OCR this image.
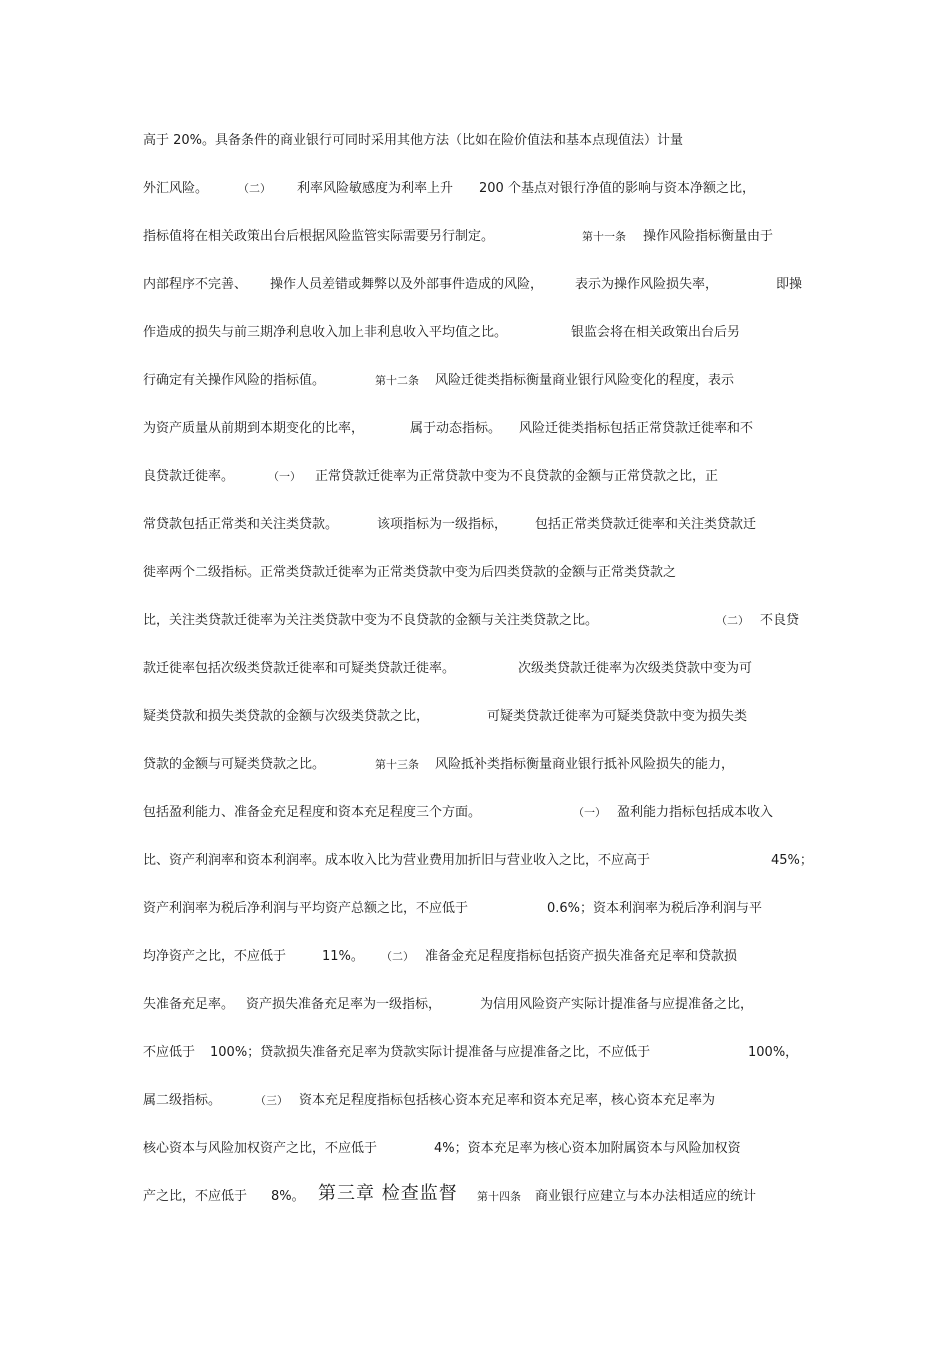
高于 20%。具备条件的商业银行可同时采用其他方法（比如在险价值法和基本点现值法）计量
外汇风险。	（二） 利率风险敏感度为利率上升 200 个基点对银行净值的影响与资本净额之比，
指标值将在相关政策出台后根据风险监管实际需要另行制定。	第十一条 操作风险指标衡量由于
内部程序不完善、 操作人员差错或舞弊以及外部事件造成的风险， 表示为操作风险损失率，	即操
作造成的损失与前三期净利息收入加上非利息收入平均值之比。	银监会将在相关政策出台后另
行确定有关操作风险的指标值。	第十二条 风险迁徙类指标衡量商业银行风险变化的程度，表示
为资产质量从前期到本期变化的比率，	属于动态指标。 风险迁徙类指标包括正常贷款迁徙率和不
良贷款迁徙率。	（一） 正常贷款迁徙率为正常贷款中变为不良贷款的金额与正常贷款之比，正
常贷款包括正常类和关注类贷款。	该项指标为一级指标， 包括正常类贷款迁徙率和关注类贷款迁
徙率两个二级指标。正常类贷款迁徙率为正常类贷款中变为后四类贷款的金额与正常类贷款之
比，关注类贷款迁徙率为关注类贷款中变为不良贷款的金额与关注类贷款之比。	（二） 不良贷
款迁徙率包括次级类贷款迁徙率和可疑类贷款迁徙率。	次级类贷款迁徙率为次级类贷款中变为可
疑类贷款和损失类贷款的金额与次级类贷款之比，	可疑类贷款迁徙率为可疑类贷款中变为损失类
贷款的金额与可疑类贷款之比。	第十三条 风险抵补类指标衡量商业银行抵补风险损失的能力，
包括盈利能力、准备金充足程度和资本充足程度三个方面。	（一） 盈利能力指标包括成本收入
比、资产利润率和资本利润率。成本收入比为营业费用加折旧与营业收入之比，不应高于	45%；
资产利润率为税后净利润与平均资产总额之比，不应低于	0.6%；资本利润率为税后净利润与平
均净资产之比，不应低于	11%。 （二） 准备金充足程度指标包括资产损失准备充足率和贷款损
失准备充足率。 资产损失准备充足率为一级指标，	为信用风险资产实际计提准备与应提准备之比，
不应低于 100%；贷款损失准备充足率为贷款实际计提准备与应提准备之比，不应低于	100%，
属二级指标。	（三） 资本充足程度指标包括核心资本充足率和资本充足率，核心资本充足率为
核心资本与风险加权资产之比，不应低于	4%；资本充足率为核心资本加附属资本与风险加权资
产之比，不应低于 8%。 第三章 检查监督 第十四条 商业银行应建立与本办法相适应的统计
